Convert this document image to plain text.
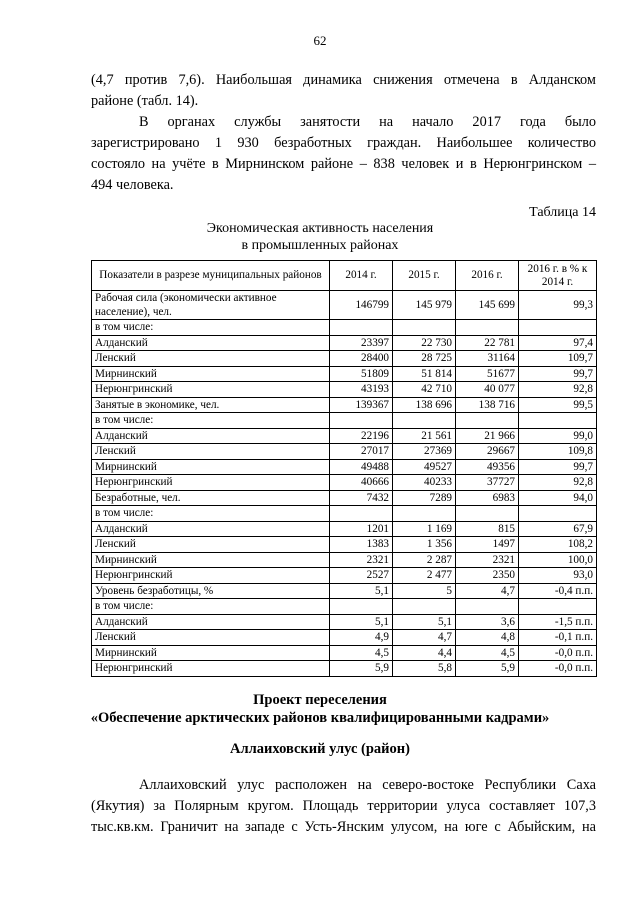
62
(4,7 против 7,6). Наибольшая динамика снижения отмечена в Алданском
районе (табл. 14).
В органах службы занятости на начало 2017 года было
зарегистрировано 1 930 безработных граждан. Наибольшее количество
состояло на учёте в Мирнинском районе – 838 человек и в Нерюнгринском –
494 человека.
Таблица 14
Экономическая активность населения
в промышленных районах
Показатели в разрезе муниципальных районов	2014 г.	2015 г.	2016 г.	2016 г. в % к 2014 г.
Рабочая сила (экономически активное население), чел.	146799	145 979	145 699	99,3
в том числе:				
Алданский	23397	22 730	22 781	97,4
Ленский	28400	28 725	31164	109,7
Мирнинский	51809	51 814	51677	99,7
Нерюнгринский	43193	42 710	40 077	92,8
Занятые в экономике, чел.	139367	138 696	138 716	99,5
в том числе:				
Алданский	22196	21 561	21 966	99,0
Ленский	27017	27369	29667	109,8
Мирнинский	49488	49527	49356	99,7
Нерюнгринский	40666	40233	37727	92,8
Безработные, чел.	7432	7289	6983	94,0
в том числе:				
Алданский	1201	1 169	815	67,9
Ленский	1383	1 356	1497	108,2
Мирнинский	2321	2 287	2321	100,0
Нерюнгринский	2527	2 477	2350	93,0
Уровень безработицы, %	5,1	5	4,7	-0,4 п.п.
в том числе:				
Алданский	5,1	5,1	3,6	-1,5 п.п.
Ленский	4,9	4,7	4,8	-0,1 п.п.
Мирнинский	4,5	4,4	4,5	-0,0 п.п.
Нерюнгринский	5,9	5,8	5,9	-0,0 п.п.
Проект переселения
«Обеспечение арктических районов квалифицированными кадрами»
Аллаиховский улус (район)
Аллаиховский улус расположен на северо-востоке Республики Саха
(Якутия) за Полярным кругом. Площадь территории улуса составляет 107,3
тыс.кв.км. Граничит на западе с Усть-Янским улусом, на юге с Абыйским, на
